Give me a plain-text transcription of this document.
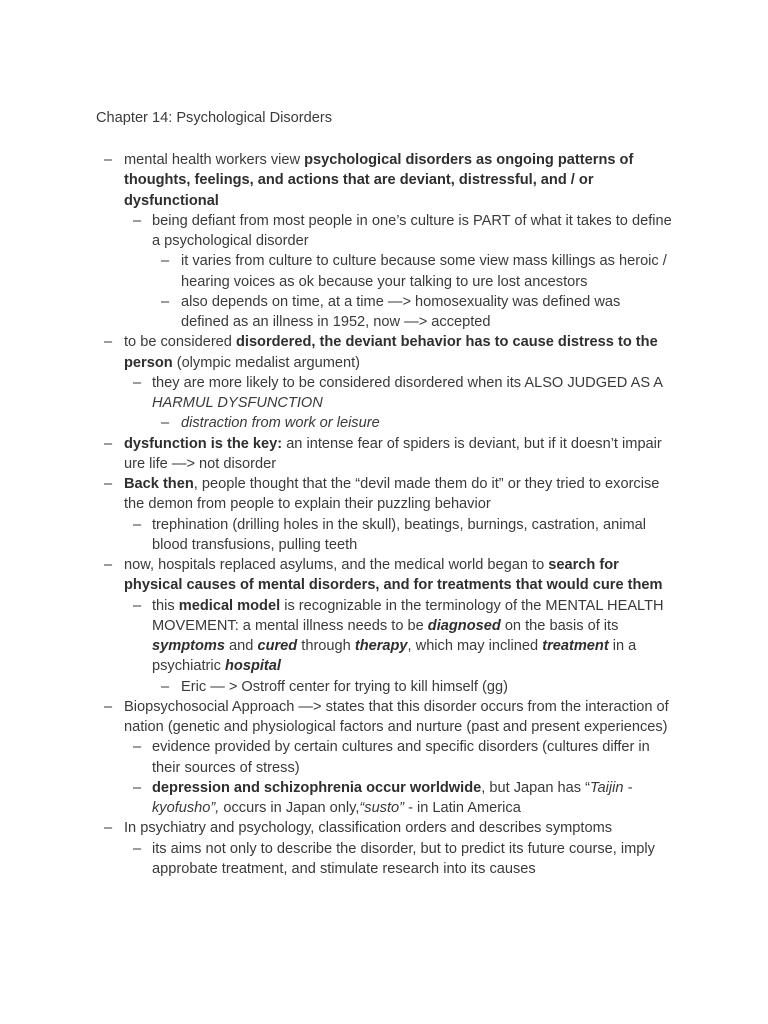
Chapter 14: Psychological Disorders
– mental health workers view psychological disorders as ongoing patterns of thoughts, feelings, and actions that are deviant, distressful, and / or dysfunctional
– being defiant from most people in one’s culture is PART of what it takes to define a psychological disorder
– it varies from culture to culture because some view mass killings as heroic / hearing voices as ok because your talking to ure lost ancestors
– also depends on time, at a time —> homosexuality was defined was defined as an illness in 1952, now —> accepted
– to be considered disordered, the deviant behavior has to cause distress to the person (olympic medalist argument)
– they are more likely to be considered disordered when its ALSO JUDGED AS A HARMUL DYSFUNCTION
– distraction from work or leisure
– dysfunction is the key: an intense fear of spiders is deviant, but if it doesn’t impair ure life —> not disorder
– Back then, people thought that the “devil made them do it” or they tried to exorcise the demon from people to explain their puzzling behavior
– trephination (drilling holes in the skull), beatings, burnings, castration, animal blood transfusions, pulling teeth
– now, hospitals replaced asylums, and the medical world began to search for physical causes of mental disorders, and for treatments that would cure them
– this medical model is recognizable in the terminology of the MENTAL HEALTH MOVEMENT: a mental illness needs to be diagnosed on the basis of its symptoms and cured through therapy, which may inclined treatment in a psychiatric hospital
– Eric — > Ostroff center for trying to kill himself (gg)
– Biopsychosocial Approach —> states that this disorder occurs from the interaction of nation (genetic and physiological factors and nurture (past and present experiences)
– evidence provided by certain cultures and specific disorders (cultures differ in their sources of stress)
– depression and schizophrenia occur worldwide, but Japan has “Taijin - kyofusho”, occurs in Japan only,“susto” - in Latin America
– In psychiatry and psychology, classification orders and describes symptoms
– its aims not only to describe the disorder, but to predict its future course, imply approbate treatment, and stimulate research into its causes
